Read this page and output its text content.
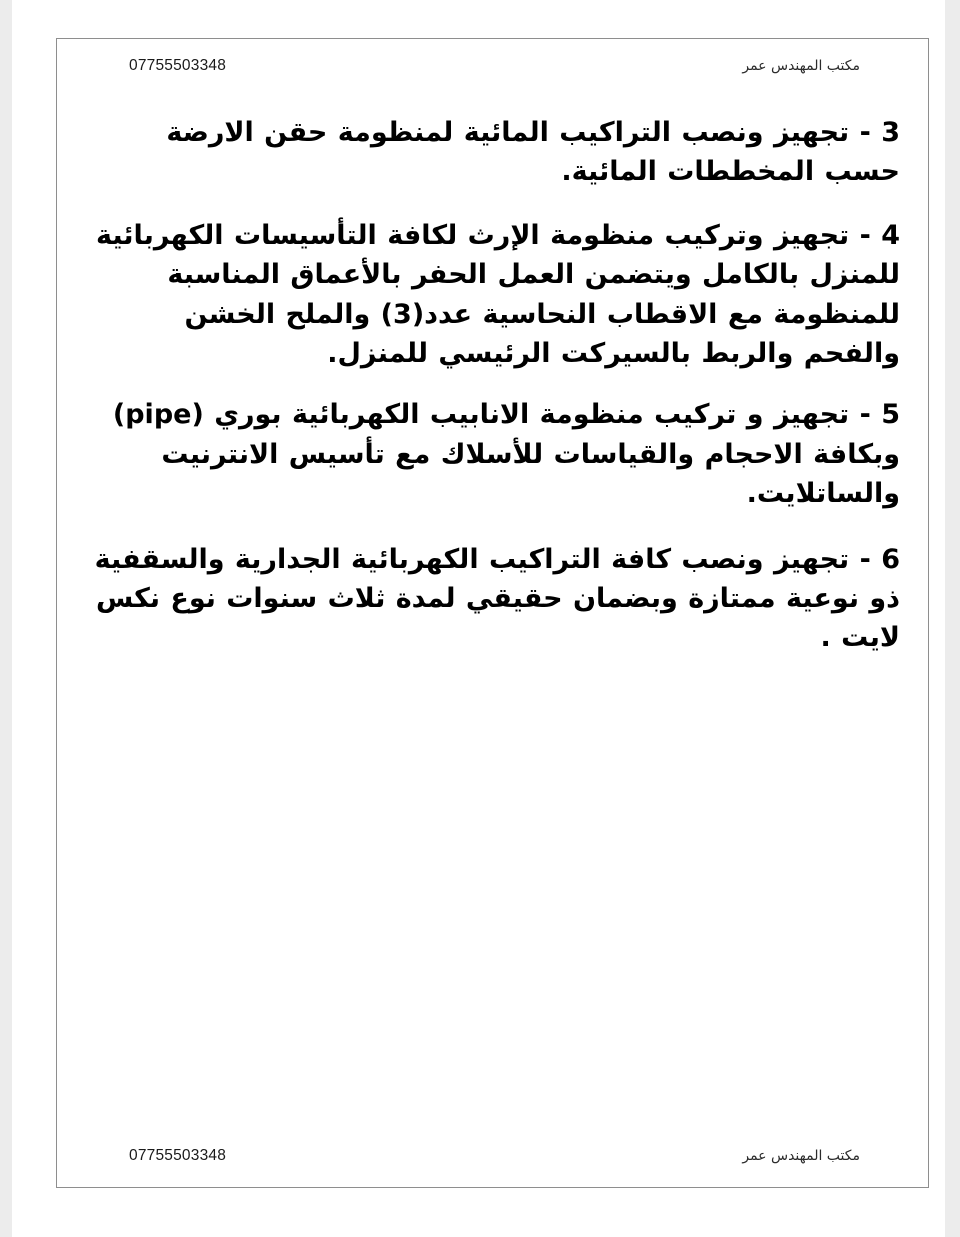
مكتب المهندس عمر
07755503348

3 - تجهيز ونصب التراكيب المائية لمنظومة حقن الارضة حسب المخططات المائية.

4 - تجهيز وتركيب منظومة الإرث لكافة التأسيسات الكهربائية للمنزل بالكامل ويتضمن العمل الحفر بالأعماق المناسبة للمنظومة مع الاقطاب النحاسية عدد(3) والملح الخشن والفحم والربط بالسيركت الرئيسي للمنزل.

5 - تجهيز و تركيب منظومة الانابيب الكهربائية بوري (pipe) وبكافة الاحجام والقياسات للأسلاك مع تأسيس الانترنيت والساتلايت.

6 - تجهيز ونصب كافة التراكيب الكهربائية الجدارية والسقفية ذو نوعية ممتازة وبضمان حقيقي لمدة ثلاث سنوات نوع نكس لايت .

مكتب المهندس عمر
07755503348
